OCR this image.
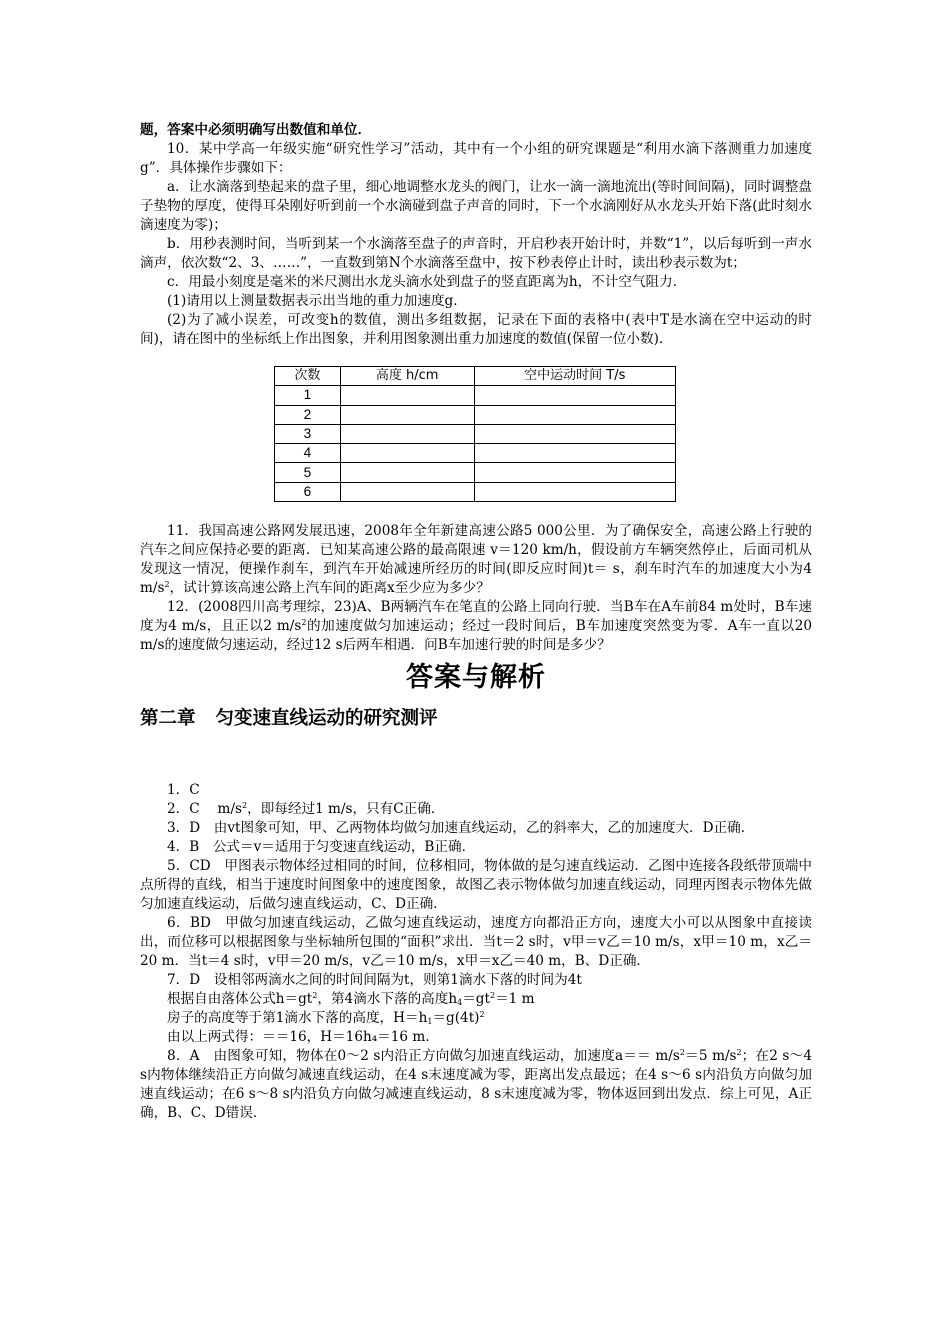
题，答案中必须明确写出数值和单位．

10．某中学高一年级实施“研究性学习”活动，其中有一个小组的研究课题是“利用水滴下落测重力加速度g”．具体操作步骤如下：

a．让水滴落到垫起来的盘子里，细心地调整水龙头的阀门，让水一滴一滴地流出(等时间间隔)，同时调整盘子垫物的厚度，使得耳朵刚好听到前一个水滴碰到盘子声音的同时，下一个水滴刚好从水龙头开始下落(此时刻水滴速度为零)；

b．用秒表测时间，当听到某一个水滴落至盘子的声音时，开启秒表开始计时，并数“1”，以后每听到一声水滴声，依次数“2、3、……”，一直数到第N个水滴落至盘中，按下秒表停止计时，读出秒表示数为t；

c．用最小刻度是毫米的米尺测出水龙头滴水处到盘子的竖直距离为h，不计空气阻力．

(1)请用以上测量数据表示出当地的重力加速度g.

(2)为了减小误差，可改变h的数值，测出多组数据，记录在下面的表格中(表中T是水滴在空中运动的时间)，请在图中的坐标纸上作出图象，并利用图象测出重力加速度的数值(保留一位小数).

次数	高度 h/cm	空中运动时间 T/s
1		
2		
3		
4		
5		
6		

11．我国高速公路网发展迅速，2008年全年新建高速公路5 000公里．为了确保安全，高速公路上行驶的汽车之间应保持必要的距离．已知某高速公路的最高限速 v＝120 km/h，假设前方车辆突然停止，后面司机从发现这一情况，便操作刹车，到汽车开始减速所经历的时间(即反应时间)t＝ s，刹车时汽车的加速度大小为4 $m/s^2$，试计算该高速公路上汽车间的距离x至少应为多少？

12．(2008四川高考理综，23)A、B两辆汽车在笔直的公路上同向行驶．当B车在A车前84 m处时，B车速度为4 m/s，且正以2 $m/s^2$的加速度做匀加速运动；经过一段时间后，B车加速度突然变为零．A车一直以20 m/s的速度做匀速运动，经过12 s后两车相遇．问B车加速行驶的时间是多少？

答案与解析
第二章 匀变速直线运动的研究测评

1．C

2．C　 $m/s^2$，即每经过1 m/s，只有C正确．

3．D　由vt图象可知，甲、乙两物体均做匀加速直线运动，乙的斜率大，乙的加速度大．D正确．

4．B　公式＝v＝适用于匀变速直线运动，B正确．

5．CD　甲图表示物体经过相同的时间，位移相同，物体做的是匀速直线运动．乙图中连接各段纸带顶端中点所得的直线，相当于速度时间图象中的速度图象，故图乙表示物体做匀加速直线运动，同理丙图表示物体先做匀加速直线运动，后做匀速直线运动，C、D正确．

6．BD　甲做匀加速直线运动，乙做匀速直线运动，速度方向都沿正方向，速度大小可以从图象中直接读出，而位移可以根据图象与坐标轴所包围的“面积”求出．当t＝2 s时，v甲＝v乙＝10 m/s，x甲＝10 m，x乙＝20 m．当t＝4 s时，v甲＝20 m/s，v乙＝10 m/s，x甲＝x乙＝40 m，B、D正确．

7．D　设相邻两滴水之间的时间间隔为t，则第1滴水下落的时间为4t

根据自由落体公式$h=gt^2$，第4滴水下落的高度$h_4=gt^2=1$ m

房子的高度等于第1滴水下落的高度，$H=h_1=g(4t)^2$

由以上两式得：＝＝16，H＝16h₄＝16 m.

8．A　由图象可知，物体在0～2 s内沿正方向做匀加速直线运动，加速度$a== m/s^2=5$ $m/s^2$；在2 s～4 s内物体继续沿正方向做匀减速直线运动，在4 s末速度减为零，距离出发点最远；在4 s～6 s内沿负方向做匀加速直线运动；在6 s～8 s内沿负方向做匀减速直线运动，8 s末速度减为零，物体返回到出发点．综上可见，A正确，B、C、D错误．
